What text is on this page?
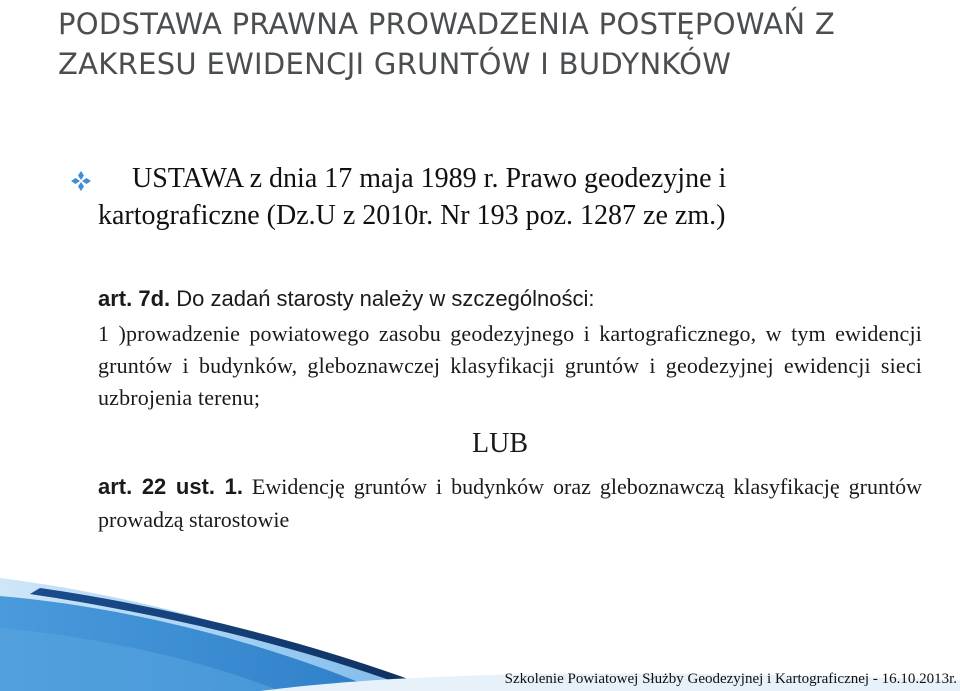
PODSTAWA PRAWNA PROWADZENIA POSTĘPOWAŃ Z ZAKRESU EWIDENCJI GRUNTÓW I BUDYNKÓW
USTAWA z dnia 17 maja 1989 r. Prawo geodezyjne i kartograficzne (Dz.U z 2010r. Nr 193 poz. 1287 ze zm.)
art. 7d. Do zadań starosty należy w szczególności:
1 )prowadzenie powiatowego zasobu geodezyjnego i kartograficznego, w tym ewidencji gruntów i budynków, gleboznawczej klasyfikacji gruntów i geodezyjnej ewidencji sieci uzbrojenia terenu;
LUB
art. 22 ust. 1. Ewidencję gruntów i budynków oraz gleboznawczą klasyfikację gruntów prowadzą starostowie
Szkolenie Powiatowej Służby Geodezyjnej i Kartograficznej - 16.10.2013r.
